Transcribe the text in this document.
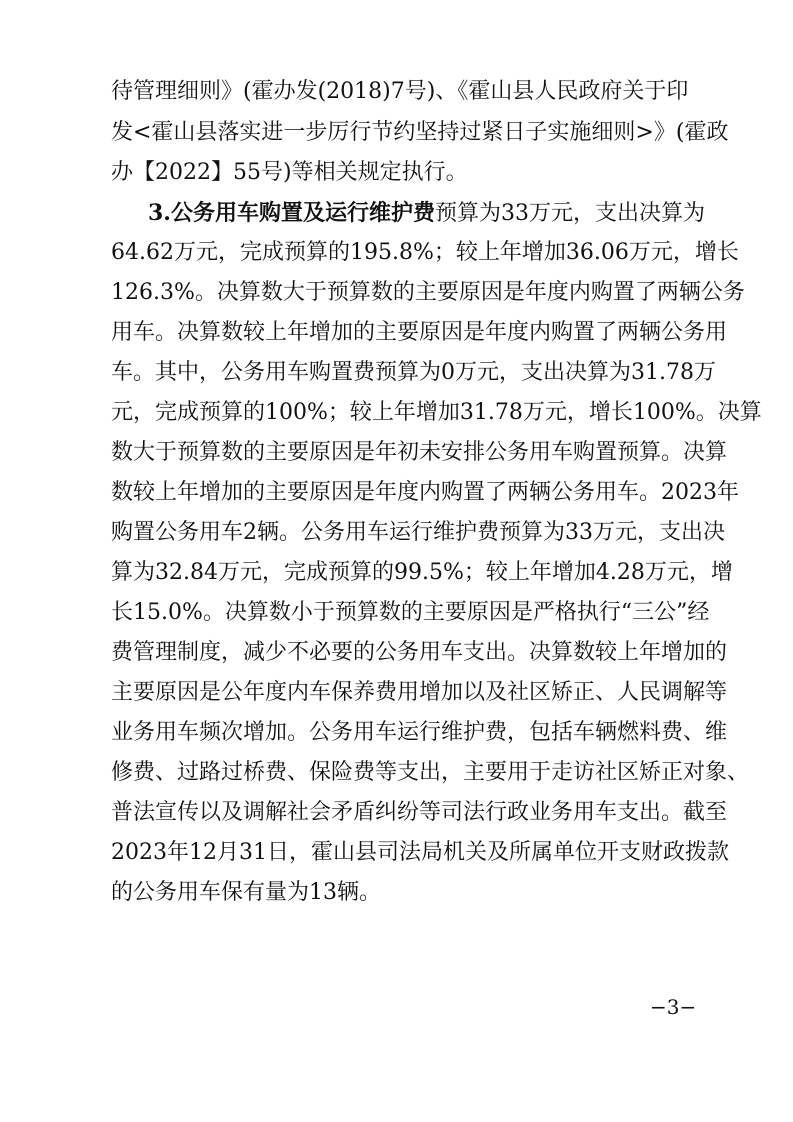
待管理细则》(霍办发(2018)7号)、《霍山县人民政府关于印
发<霍山县落实进一步厉行节约坚持过紧日子实施细则>》(霍政
办【2022】55号)等相关规定执行。
3.公务用车购置及运行维护费预算为33万元，支出决算为
64.62万元，完成预算的195.8%；较上年增加36.06万元，增长
126.3%。决算数大于预算数的主要原因是年度内购置了两辆公务
用车。决算数较上年增加的主要原因是年度内购置了两辆公务用
车。其中，公务用车购置费预算为0万元，支出决算为31.78万
元，完成预算的100%；较上年增加31.78万元，增长100%。决算
数大于预算数的主要原因是年初未安排公务用车购置预算。决算
数较上年增加的主要原因是年度内购置了两辆公务用车。2023年
购置公务用车2辆。公务用车运行维护费预算为33万元，支出决
算为32.84万元，完成预算的99.5%；较上年增加4.28万元，增
长15.0%。决算数小于预算数的主要原因是严格执行“三公”经
费管理制度，减少不必要的公务用车支出。决算数较上年增加的
主要原因是公年度内车保养费用增加以及社区矫正、人民调解等
业务用车频次增加。公务用车运行维护费，包括车辆燃料费、维
修费、过路过桥费、保险费等支出，主要用于走访社区矫正对象、
普法宣传以及调解社会矛盾纠纷等司法行政业务用车支出。截至
2023年12月31日，霍山县司法局机关及所属单位开支财政拨款
的公务用车保有量为13辆。
−3−
